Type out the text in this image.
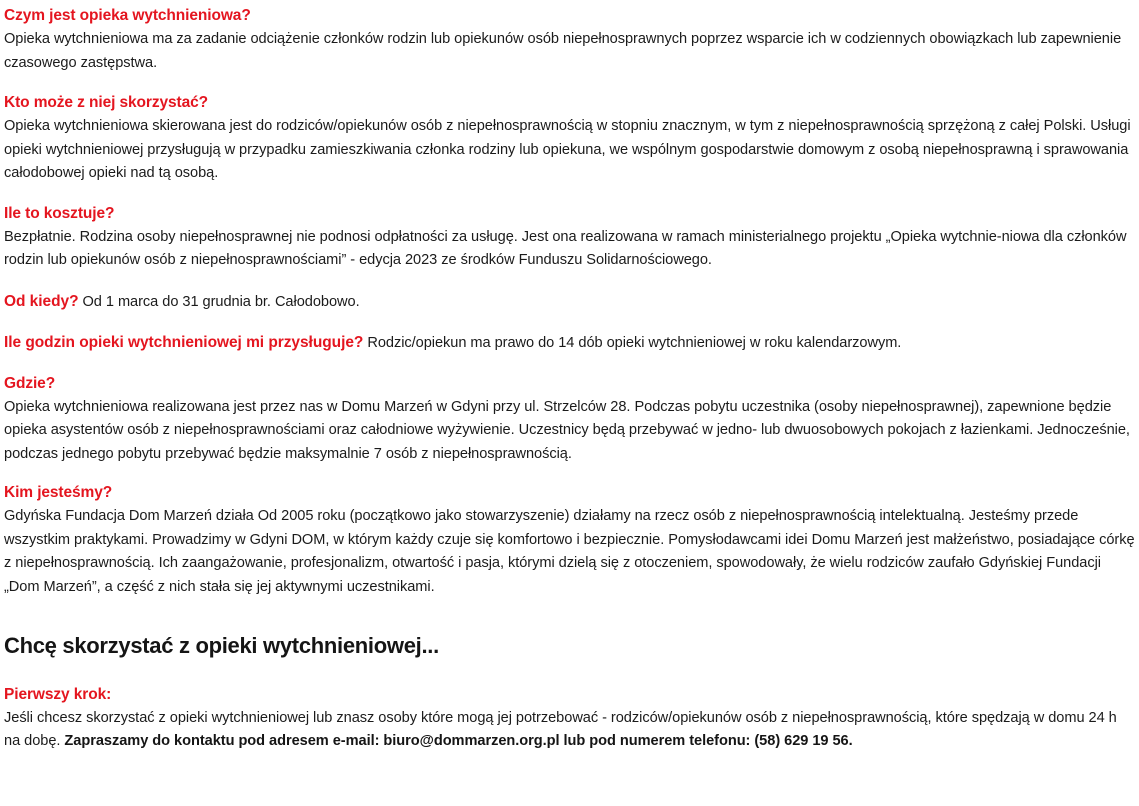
Czym jest opieka wytchnieniowa?

Opieka wytchnieniowa ma za zadanie odciążenie członków rodzin lub opiekunów osób niepełnosprawnych poprzez wsparcie ich w codziennych obowiązkach lub zapewnienie czasowego zastępstwa.

Kto może z niej skorzystać?

Opieka wytchnieniowa skierowana jest do rodziców/opiekunów osób z niepełnosprawnością w stopniu znacznym, w tym z niepełnosprawnością sprzężoną z całej Polski. Usługi opieki wytchnieniowej przysługują w przypadku zamieszkiwania członka rodziny lub opiekuna, we wspólnym gospodarstwie domowym z osobą niepełnosprawną i sprawowania całodobowej opieki nad tą osobą.

Ile to kosztuje?

Bezpłatnie. Rodzina osoby niepełnosprawnej nie podnosi odpłatności za usługę. Jest ona realizowana w ramach ministerialnego projektu „Opieka wytchnie-niowa dla członków rodzin lub opiekunów osób z niepełnosprawnościami” - edycja 2023 ze środków Funduszu Solidarnościowego.

Od kiedy? Od 1 marca do 31 grudnia br. Całodobowo.
Ile godzin opieki wytchnieniowej mi przysługuje? Rodzic/opiekun ma prawo do 14 dób opieki wytchnieniowej w roku kalendarzowym.
Gdzie?

Opieka wytchnieniowa realizowana jest przez nas w Domu Marzeń w Gdyni przy ul. Strzelców 28. Podczas pobytu uczestnika (osoby niepełnosprawnej), zapewnione będzie opieka asystentów osób z niepełnosprawnościami oraz całodniowe wyżywienie. Uczestnicy będą przebywać w jedno- lub dwuosobowych pokojach z łazienkami. Jednocześnie, podczas jednego pobytu przebywać będzie maksymalnie 7 osób z niepełnosprawnością.

Kim jesteśmy?

Gdyńska Fundacja Dom Marzeń działa Od 2005 roku (początkowo jako stowarzyszenie) działamy na rzecz osób z niepełnosprawnością intelektualną. Jesteśmy przede wszystkim praktykami. Prowadzimy w Gdyni DOM, w którym każdy czuje się komfortowo i bezpiecznie. Pomysłodawcami idei Domu Marzeń jest małżeństwo, posiadające córkę z niepełnosprawnością. Ich zaangażowanie, profesjonalizm, otwartość i pasja, którymi dzielą się z otoczeniem, spowodowały, że wielu rodziców zaufało Gdyńskiej Fundacji „Dom Marzeń”, a część z nich stała się jej aktywnymi uczestnikami.

Chcę skorzystać z opieki wytchnieniowej...
Pierwszy krok:

Jeśli chcesz skorzystać z opieki wytchnieniowej lub znasz osoby które mogą jej potrzebować - rodziców/opiekunów osób z niepełnosprawnością, które spędzają w domu 24 h na dobę. Zapraszamy do kontaktu pod adresem e-mail: biuro@dommarzen.org.pl lub pod numerem telefonu: (58) 629 19 56.
